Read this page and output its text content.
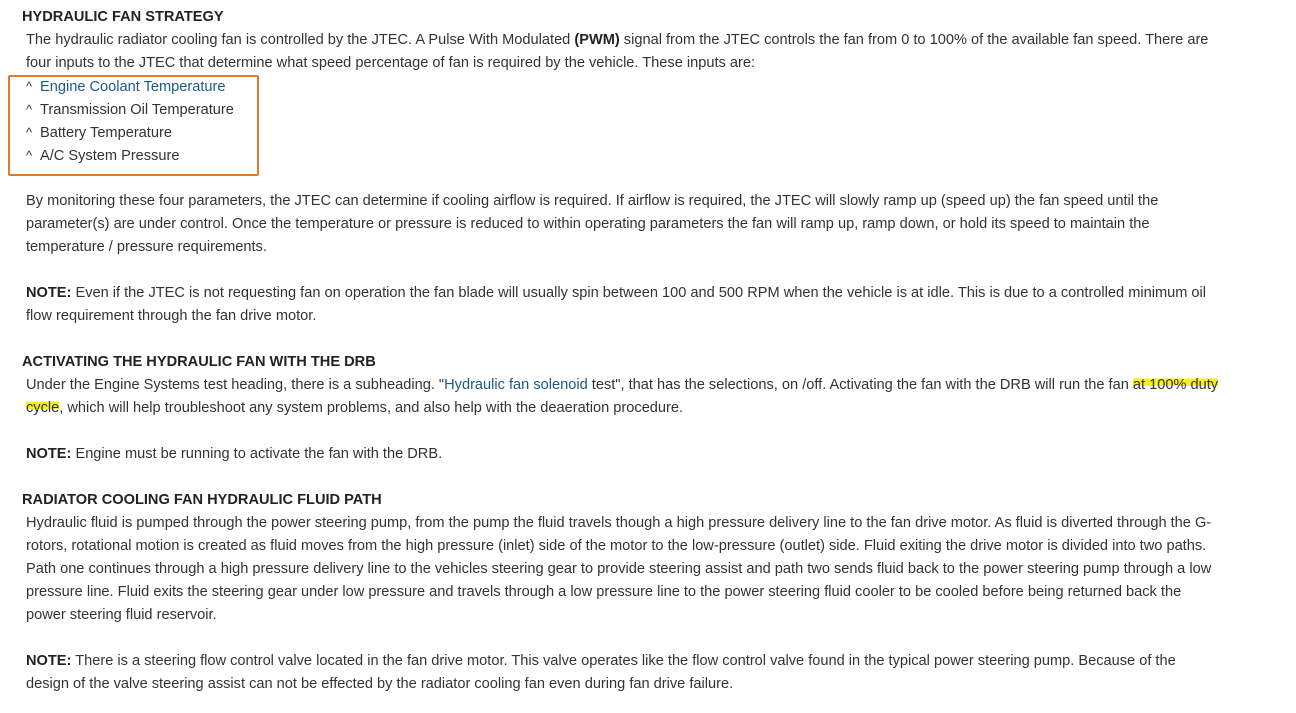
HYDRAULIC FAN STRATEGY

The hydraulic radiator cooling fan is controlled by the JTEC. A Pulse With Modulated (PWM) signal from the JTEC controls the fan from 0 to 100% of the available fan speed. There are four inputs to the JTEC that determine what speed percentage of fan is required by the vehicle. These inputs are:

^ Engine Coolant Temperature
^ Transmission Oil Temperature
^ Battery Temperature
^ A/C System Pressure

By monitoring these four parameters, the JTEC can determine if cooling airflow is required. If airflow is required, the JTEC will slowly ramp up (speed up) the fan speed until the parameter(s) are under control. Once the temperature or pressure is reduced to within operating parameters the fan will ramp up, ramp down, or hold its speed to maintain the temperature / pressure requirements.

NOTE: Even if the JTEC is not requesting fan on operation the fan blade will usually spin between 100 and 500 RPM when the vehicle is at idle. This is due to a controlled minimum oil flow requirement through the fan drive motor.

ACTIVATING THE HYDRAULIC FAN WITH THE DRB

Under the Engine Systems test heading, there is a subheading. "Hydraulic fan solenoid test", that has the selections, on /off. Activating the fan with the DRB will run the fan at 100% duty cycle, which will help troubleshoot any system problems, and also help with the deaeration procedure.

NOTE: Engine must be running to activate the fan with the DRB.

RADIATOR COOLING FAN HYDRAULIC FLUID PATH

Hydraulic fluid is pumped through the power steering pump, from the pump the fluid travels though a high pressure delivery line to the fan drive motor. As fluid is diverted through the G-rotors, rotational motion is created as fluid moves from the high pressure (inlet) side of the motor to the low-pressure (outlet) side. Fluid exiting the drive motor is divided into two paths. Path one continues through a high pressure delivery line to the vehicles steering gear to provide steering assist and path two sends fluid back to the power steering pump through a low pressure line. Fluid exits the steering gear under low pressure and travels through a low pressure line to the power steering fluid cooler to be cooled before being returned back the power steering fluid reservoir.

NOTE: There is a steering flow control valve located in the fan drive motor. This valve operates like the flow control valve found in the typical power steering pump. Because of the design of the valve steering assist can not be effected by the radiator cooling fan even during fan drive failure.
